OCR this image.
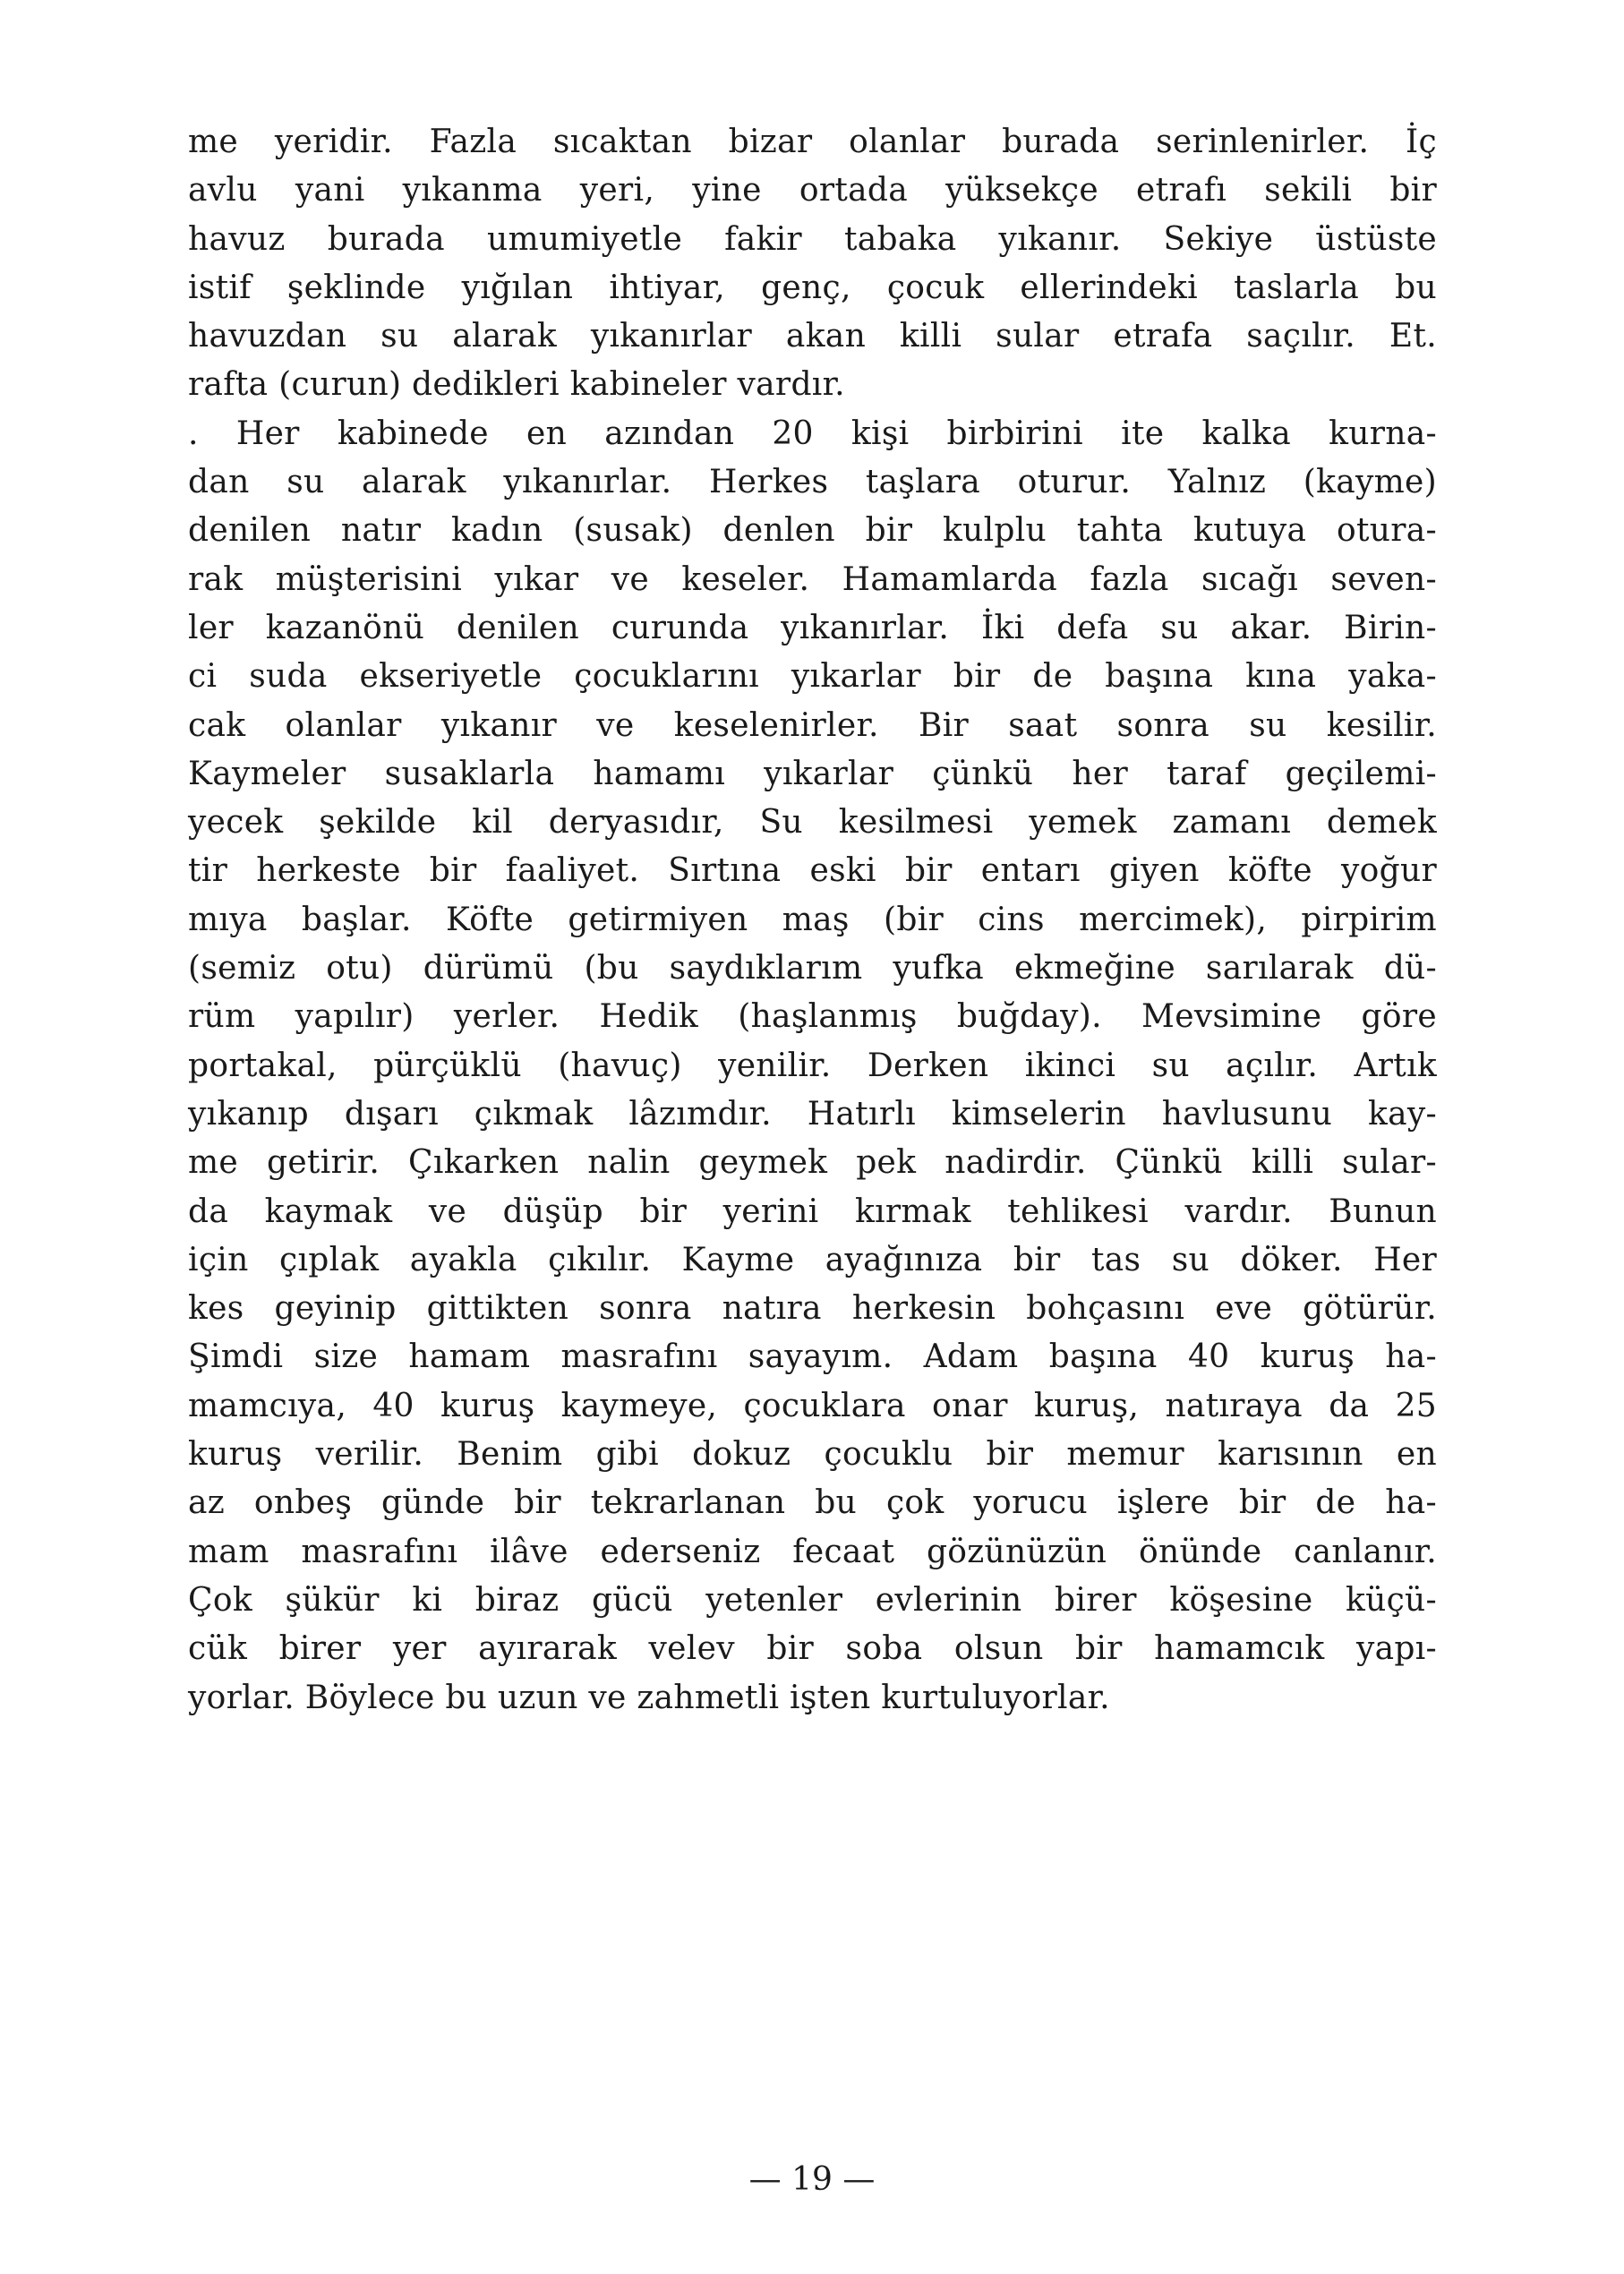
me yeridir. Fazla sıcaktan bizar olanlar burada serinlenirler. İç
avlu yani yıkanma yeri, yine ortada yüksekçe etrafı sekili bir
havuz burada umumiyetle fakir tabaka yıkanır. Sekiye üstüste
istif şeklinde yığılan ihtiyar, genç, çocuk ellerindeki taslarla bu
havuzdan su alarak yıkanırlar akan killi sular etrafa saçılır. Et.
rafta (curun) dedikleri kabineler vardır.
. Her kabinede en azından 20 kişi birbirini ite kalka kurna-
dan su alarak yıkanırlar. Herkes taşlara oturur. Yalnız (kayme)
denilen natır kadın (susak) denlen bir kulplu tahta kutuya otura-
rak müşterisini yıkar ve keseler. Hamamlarda fazla sıcağı seven-
ler kazanönü denilen curunda yıkanırlar. İki defa su akar. Birin-
ci suda ekseriyetle çocuklarını yıkarlar bir de başına kına yaka-
cak olanlar yıkanır ve keselenirler. Bir saat sonra su kesilir.
Kaymeler susaklarla hamamı yıkarlar çünkü her taraf geçilemi-
yecek şekilde kil deryasıdır, Su kesilmesi yemek zamanı demek
tir herkeste bir faaliyet. Sırtına eski bir entarı giyen köfte yoğur
mıya başlar. Köfte getirmiyen maş (bir cins mercimek), pirpirim
(semiz otu) dürümü (bu saydıklarım yufka ekmeğine sarılarak dü-
rüm yapılır) yerler. Hedik (haşlanmış buğday). Mevsimine göre
portakal, pürçüklü (havuç) yenilir. Derken ikinci su açılır. Artık
yıkanıp dışarı çıkmak lâzımdır. Hatırlı kimselerin havlusunu kay-
me getirir. Çıkarken nalin geymek pek nadirdir. Çünkü killi sular-
da kaymak ve düşüp bir yerini kırmak tehlikesi vardır. Bunun
için çıplak ayakla çıkılır. Kayme ayağınıza bir tas su döker. Her
kes geyinip gittikten sonra natıra herkesin bohçasını eve götürür.
Şimdi size hamam masrafını sayayım. Adam başına 40 kuruş ha-
mamcıya, 40 kuruş kaymeye, çocuklara onar kuruş, natıraya da 25
kuruş verilir. Benim gibi dokuz çocuklu bir memur karısının en
az onbeş günde bir tekrarlanan bu çok yorucu işlere bir de ha-
mam masrafını ilâve ederseniz fecaat gözünüzün önünde canlanır.
Çok şükür ki biraz gücü yetenler evlerinin birer köşesine küçü-
cük birer yer ayırarak velev bir soba olsun bir hamamcık yapı-
yorlar. Böylece bu uzun ve zahmetli işten kurtuluyorlar.
— 19 —
